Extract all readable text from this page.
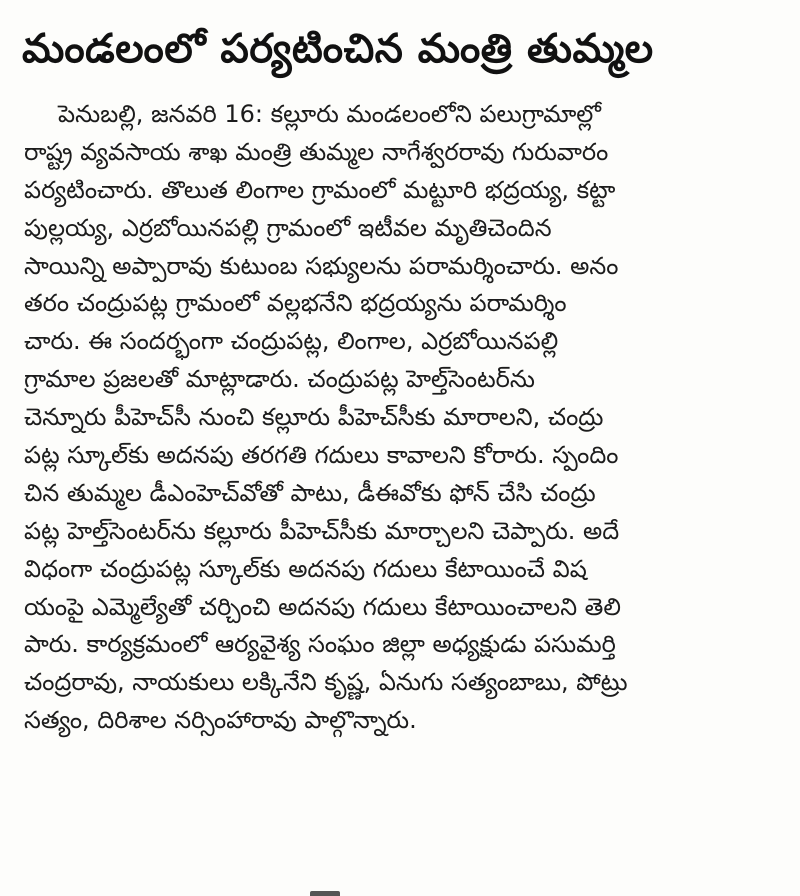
మండలంలో పర్యటించిన మంత్రి తుమ్మల
పెనుబల్లి, జనవరి 16: కల్లూరు మండలంలోని పలుగ్రామాల్లో
రాష్ట్ర వ్యవసాయ శాఖ మంత్రి తుమ్మల నాగేశ్వరరావు గురువారం
పర్యటించారు. తొలుత లింగాల గ్రామంలో మట్టూరి భద్రయ్య, కట్టా
పుల్లయ్య, ఎర్రబోయినపల్లి గ్రామంలో ఇటీవల మృతిచెందిన
సాయిన్ని అప్పారావు కుటుంబ సభ్యులను పరామర్శించారు. అనం
తరం చంద్రుపట్ల గ్రామంలో వల్లభనేని భద్రయ్యను పరామర్శిం
చారు. ఈ సందర్భంగా చంద్రుపట్ల, లింగాల, ఎర్రబోయినపల్లి
గ్రామాల ప్రజలతో మాట్లాడారు. చంద్రుపట్ల హెల్త్‌సెంటర్‌ను
చెన్నూరు పీహెచ్‌సీ నుంచి కల్లూరు పీహెచ్‌సీకు మారాలని, చంద్రు
పట్ల స్కూల్‌కు అదనపు తరగతి గదులు కావాలని కోరారు. స్పందిం
చిన తుమ్మల డీఎంహెచ్‌వోతో పాటు, డీఈవోకు ఫోన్ చేసి చంద్రు
పట్ల హెల్త్‌సెంటర్‌ను కల్లూరు పీహెచ్‌సీకు మార్చాలని చెప్పారు. అదే
విధంగా చంద్రుపట్ల స్కూల్‌కు అదనపు గదులు కేటాయించే విష
యంపై ఎమ్మెల్యేతో చర్చించి అదనపు గదులు కేటాయించాలని తెలి
పారు. కార్యక్రమంలో ఆర్యవైశ్య సంఘం జిల్లా అధ్యక్షుడు పసుమర్తి
చంద్రరావు, నాయకులు లక్కినేని కృష్ణ, ఏనుగు సత్యంబాబు, పోట్రు
సత్యం, దిరిశాల నర్సింహారావు పాల్గొన్నారు.
